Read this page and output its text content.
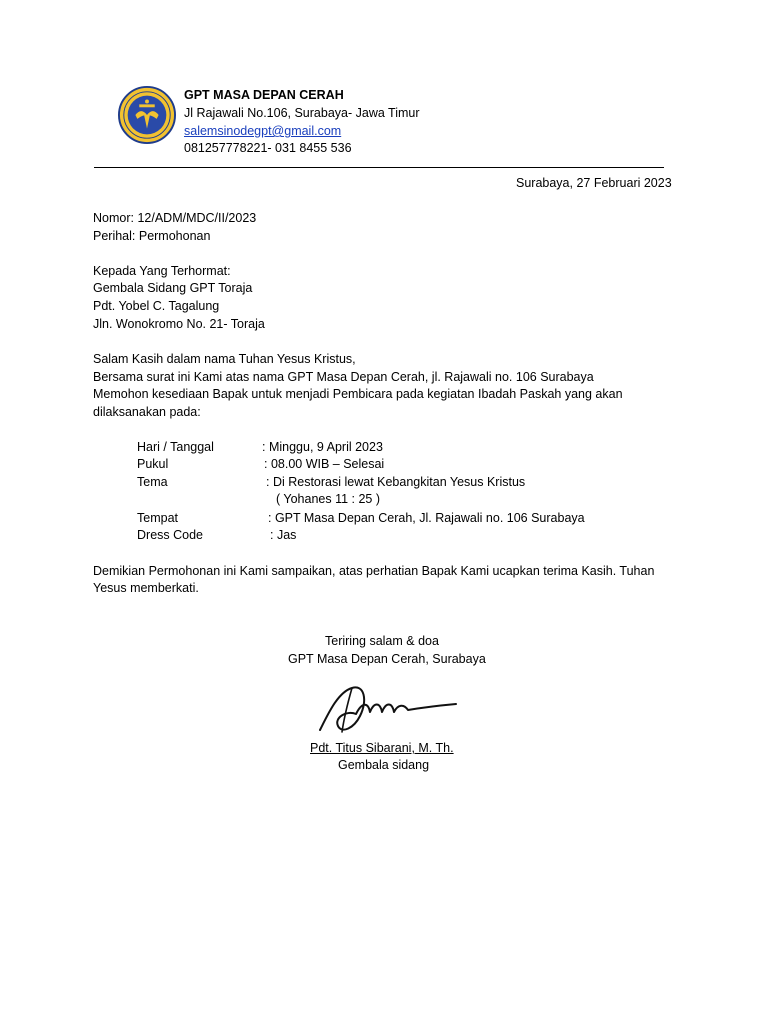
GPT MASA DEPAN CERAH
Jl Rajawali No.106, Surabaya- Jawa Timur
salemsinodegpt@gmail.com
081257778221- 031 8455 536
Surabaya, 27 Februari 2023
Nomor: 12/ADM/MDC/II/2023
Perihal: Permohonan
Kepada Yang Terhormat:
Gembala Sidang GPT Toraja
Pdt. Yobel C. Tagalung
Jln. Wonokromo No. 21- Toraja
Salam Kasih dalam nama Tuhan Yesus Kristus,
Bersama surat ini Kami atas nama GPT Masa Depan Cerah, jl. Rajawali no. 106 Surabaya
Memohon kesediaan Bapak untuk menjadi Pembicara pada kegiatan Ibadah Paskah yang akan
dilaksanakan pada:
Hari / Tanggal	: Minggu, 9 April 2023
Pukul	: 08.00 WIB – Selesai
Tema	: Di Restorasi lewat Kebangkitan Yesus Kristus
( Yohanes 11 : 25 )
Tempat	: GPT Masa Depan Cerah, Jl. Rajawali no. 106 Surabaya
Dress Code	: Jas
Demikian Permohonan ini Kami sampaikan, atas perhatian Bapak Kami ucapkan terima Kasih. Tuhan
Yesus memberkati.
Teriring salam & doa
GPT Masa Depan Cerah, Surabaya
Pdt. Titus Sibarani, M. Th.
Gembala sidang
